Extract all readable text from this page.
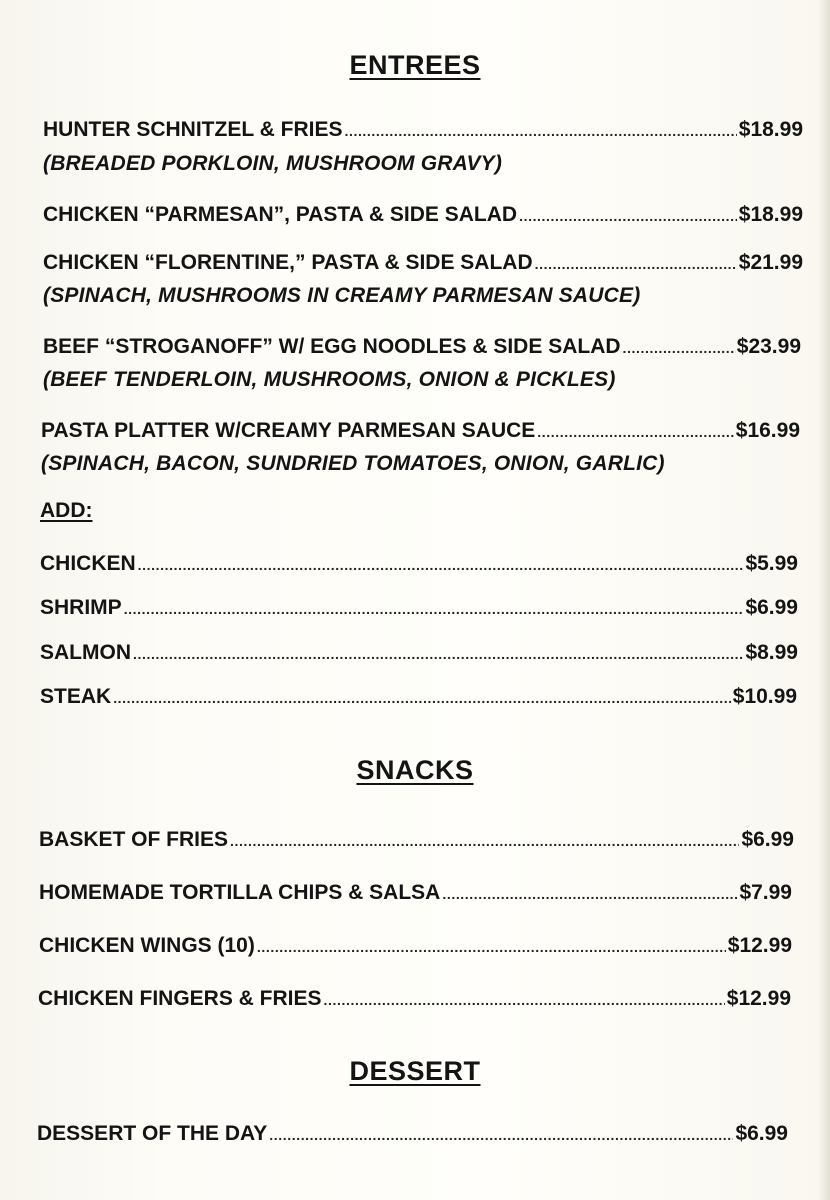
ENTREES
HUNTER SCHNITZEL & FRIES .....	$18.99
(BREADED PORKLOIN, MUSHROOM GRAVY)
CHICKEN “PARMESAN”, PASTA & SIDE SALAD .....	$18.99
CHICKEN “FLORENTINE,” PASTA & SIDE SALAD .....	$21.99
(SPINACH, MUSHROOMS IN CREAMY PARMESAN SAUCE)
BEEF “STROGANOFF” W/ EGG NOODLES & SIDE SALAD .....	$23.99
(BEEF TENDERLOIN, MUSHROOMS, ONION & PICKLES)
PASTA PLATTER W/CREAMY PARMESAN SAUCE .....	$16.99
(SPINACH, BACON, SUNDRIED TOMATOES, ONION, GARLIC)
ADD:
CHICKEN .....	$5.99
SHRIMP .....	$6.99
SALMON .....	$8.99
STEAK .....	$10.99
SNACKS
BASKET OF FRIES .....	$6.99
HOMEMADE TORTILLA CHIPS & SALSA .....	$7.99
CHICKEN WINGS (10) .....	$12.99
CHICKEN FINGERS & FRIES .....	$12.99
DESSERT
DESSERT OF THE DAY .....	$6.99
